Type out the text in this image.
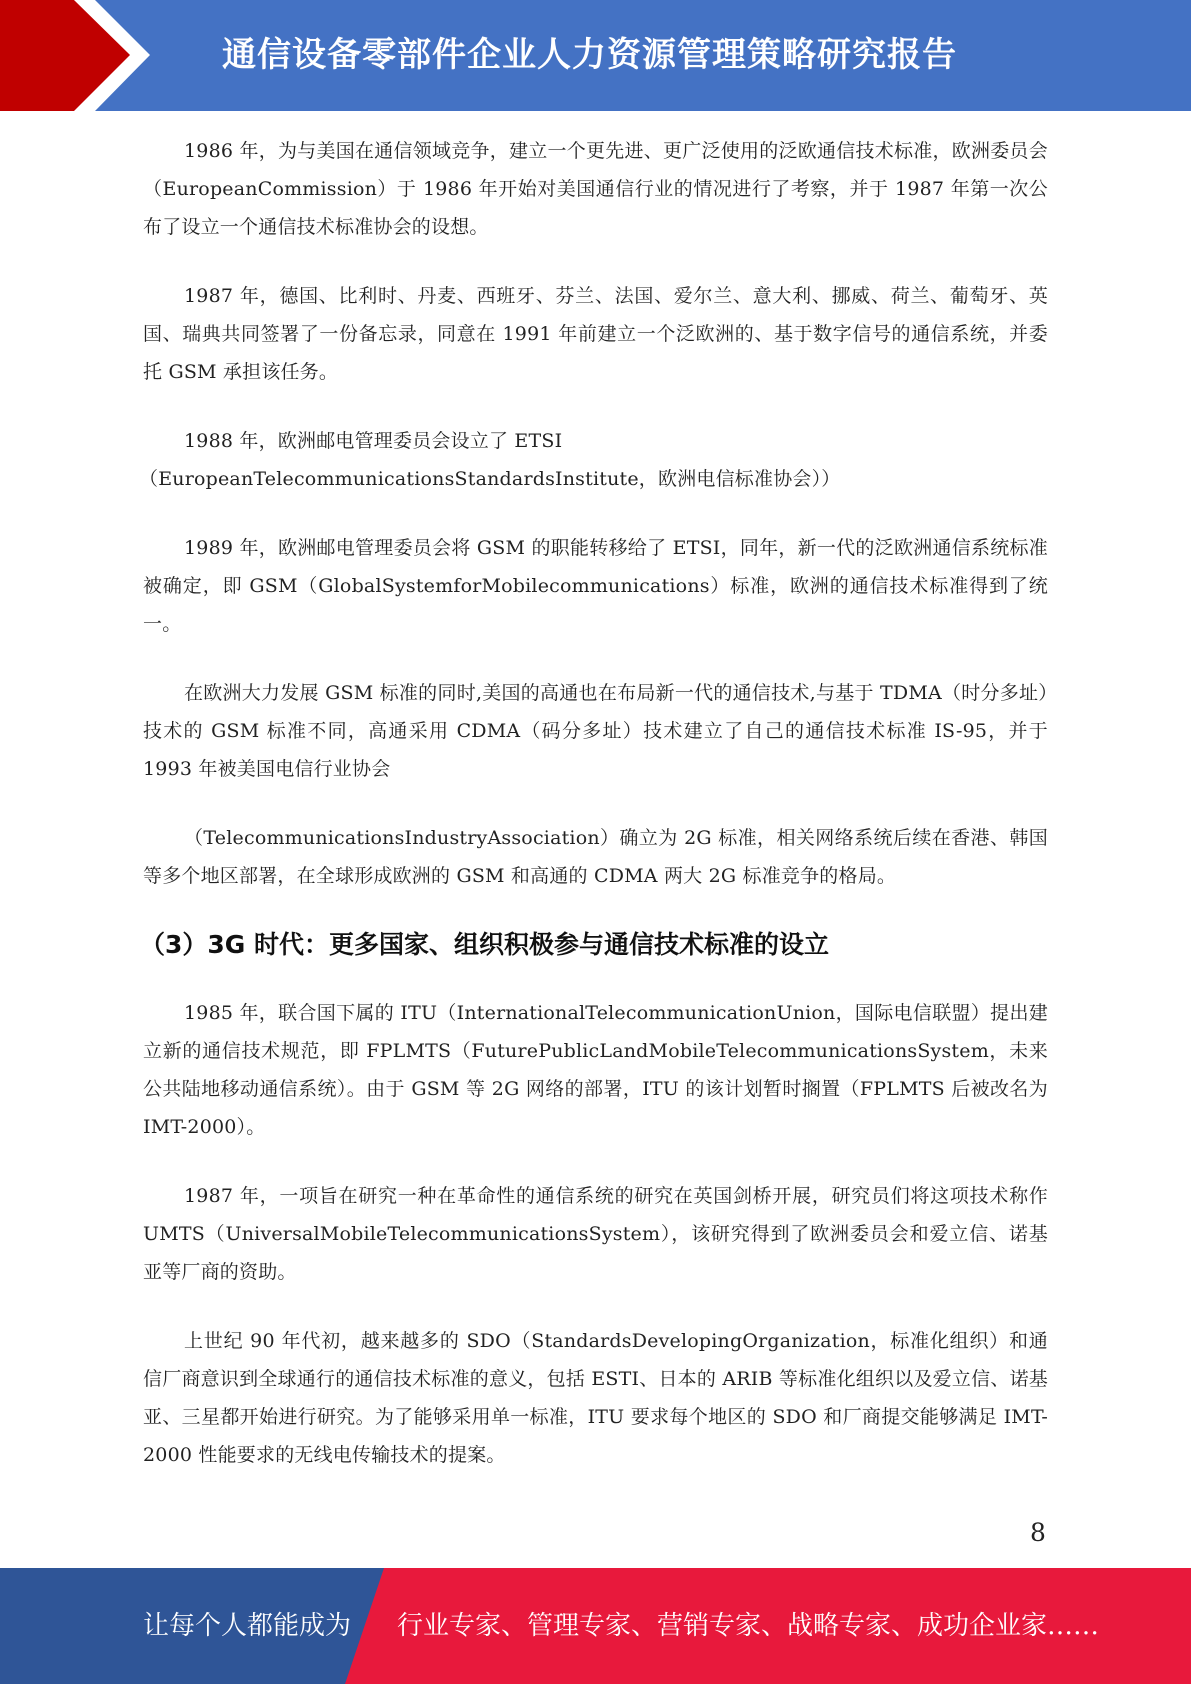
通信设备零部件企业人力资源管理策略研究报告

1986 年，为与美国在通信领域竞争，建立一个更先进、更广泛使用的泛欧通信技术标准，欧洲委员会（EuropeanCommission）于 1986 年开始对美国通信行业的情况进行了考察，并于 1987 年第一次公布了设立一个通信技术标准协会的设想。

1987 年，德国、比利时、丹麦、西班牙、芬兰、法国、爱尔兰、意大利、挪威、荷兰、葡萄牙、英国、瑞典共同签署了一份备忘录，同意在 1991 年前建立一个泛欧洲的、基于数字信号的通信系统，并委托 GSM 承担该任务。

1988 年，欧洲邮电管理委员会设立了 ETSI

（EuropeanTelecommunicationsStandardsInstitute，欧洲电信标准协会））

1989 年，欧洲邮电管理委员会将 GSM 的职能转移给了 ETSI，同年，新一代的泛欧洲通信系统标准被确定，即 GSM（GlobalSystemforMobilecommunications）标准，欧洲的通信技术标准得到了统一。

在欧洲大力发展 GSM 标准的同时,美国的高通也在布局新一代的通信技术,与基于 TDMA（时分多址）技术的 GSM 标准不同，高通采用 CDMA（码分多址）技术建立了自己的通信技术标准 IS-95，并于 1993 年被美国电信行业协会

（TelecommunicationsIndustryAssociation）确立为 2G 标准，相关网络系统后续在香港、韩国等多个地区部署，在全球形成欧洲的 GSM 和高通的 CDMA 两大 2G 标准竞争的格局。

（3）3G 时代：更多国家、组织积极参与通信技术标准的设立

1985 年，联合国下属的 ITU（InternationalTelecommunicationUnion，国际电信联盟）提出建立新的通信技术规范，即 FPLMTS（FuturePublicLandMobileTelecommunicationsSystem，未来公共陆地移动通信系统）。由于 GSM 等 2G 网络的部署，ITU 的该计划暂时搁置（FPLMTS 后被改名为 IMT-2000）。

1987 年，一项旨在研究一种在革命性的通信系统的研究在英国剑桥开展，研究员们将这项技术称作 UMTS（UniversalMobileTelecommunicationsSystem），该研究得到了欧洲委员会和爱立信、诺基亚等厂商的资助。

上世纪 90 年代初，越来越多的 SDO（StandardsDevelopingOrganization，标准化组织）和通信厂商意识到全球通行的通信技术标准的意义，包括 ESTI、日本的 ARIB 等标准化组织以及爱立信、诺基亚、三星都开始进行研究。为了能够采用单一标准，ITU 要求每个地区的 SDO 和厂商提交能够满足 IMT-2000 性能要求的无线电传输技术的提案。

8
让每个人都能成为 行业专家、管理专家、营销专家、战略专家、成功企业家……
